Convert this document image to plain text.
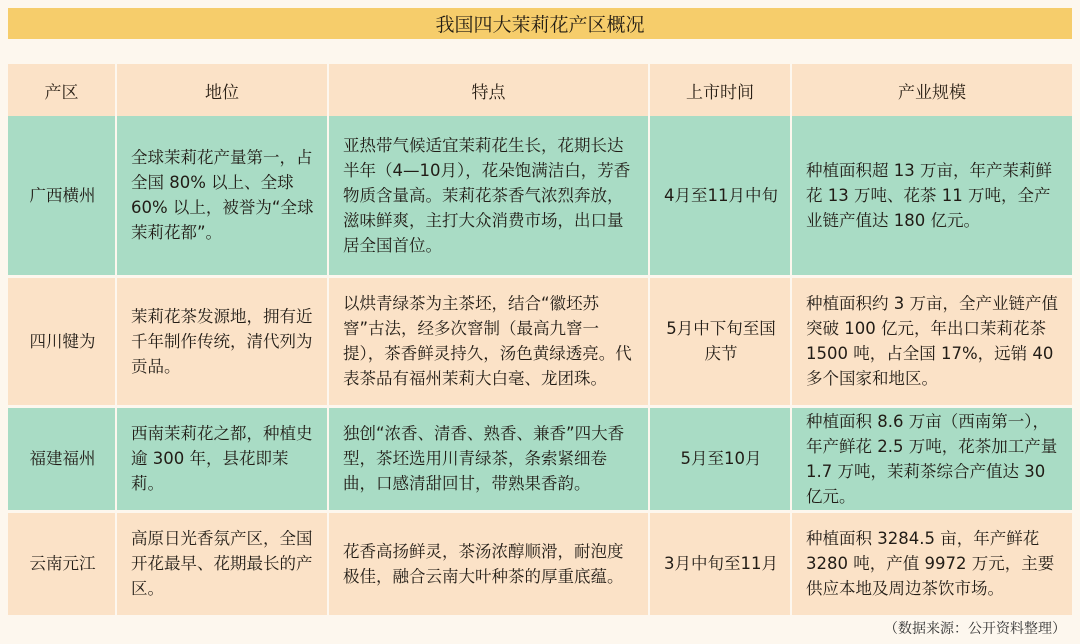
我国四大茉莉花产区概况
产区	地位	特点	上市时间	产业规模
广西横州	全球茉莉花产量第一，占全国 80% 以上、全球 60% 以上，被誉为“全球茉莉花都”。	亚热带气候适宜茉莉花生长，花期长达半年（4—10月），花朵饱满洁白，芳香物质含量高。茉莉花茶香气浓烈奔放，滋味鲜爽，主打大众消费市场，出口量居全国首位。	4月至11月中旬	种植面积超 13 万亩，年产茉莉鲜花 13 万吨、花茶 11 万吨，全产业链产值达 180 亿元。
四川犍为	茉莉花茶发源地，拥有近千年制作传统，清代列为贡品。	以烘青绿茶为主茶坯，结合“徽坯苏窨”古法，经多次窨制（最高九窨一提），茶香鲜灵持久，汤色黄绿透亮。代表茶品有福州茉莉大白毫、龙团珠。	5月中下旬至国庆节	种植面积约 3 万亩，全产业链产值突破 100 亿元，年出口茉莉花茶 1500 吨，占全国 17%，远销 40 多个国家和地区。
福建福州	西南茉莉花之都，种植史逾 300 年，县花即茉莉。	独创“浓香、清香、熟香、兼香”四大香型，茶坯选用川青绿茶，条索紧细卷曲，口感清甜回甘，带熟果香韵。	5月至10月	种植面积 8.6 万亩（西南第一），年产鲜花 2.5 万吨，花茶加工产量 1.7 万吨，茉莉茶综合产值达 30 亿元。
云南元江	高原日光香氛产区，全国开花最早、花期最长的产区。	花香高扬鲜灵，茶汤浓醇顺滑，耐泡度极佳，融合云南大叶种茶的厚重底蕴。	3月中旬至11月	种植面积 3284.5 亩，年产鲜花 3280 吨，产值 9972 万元，主要供应本地及周边茶饮市场。
（数据来源：公开资料整理）
